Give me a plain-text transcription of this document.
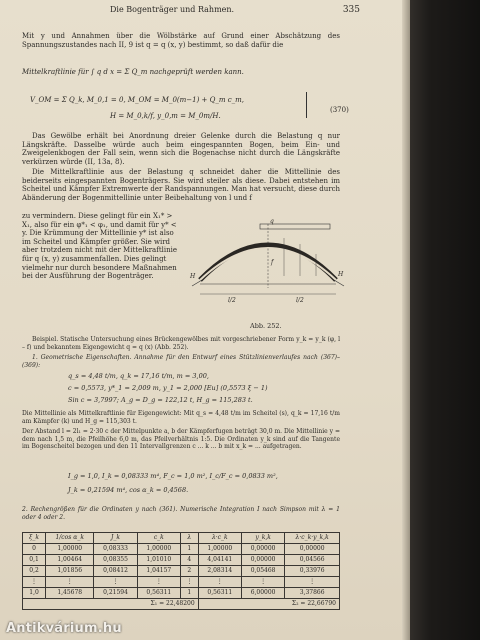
Die Bogenträger und Rahmen.	335
Mit y und Annahmen über die Wölbstärke auf Grund einer Abschätzung des Spannungszustandes nach II, 9 ist q = q (x, y) bestimmt, so daß dafür die
Mittelkraftlinie für ∫ q d x = Σ Q_m nachgeprüft werden kann.
V_OM = Σ Q_k, M_0,1 = 0, M_OM = M_0(m−1) + Q_m c_m,
H = M_0,k/f, y_0,m = M_0m/H.
(370)
Das Gewölbe erhält bei Anordnung dreier Gelenke durch die Belastung q nur Längskräfte. Dasselbe würde auch beim eingespannten Bogen, beim Ein- und Zweigelenkbogen der Fall sein, wenn sich die Bogenachse nicht durch die Längskräfte verkürzen würde (II, 13a, 8).
Die Mittelkraftlinie aus der Belastung q schneidet daher die Mittellinie des beiderseits eingespannten Bogenträgers. Sie wird steiler als diese. Dabei entstehen im Scheitel und Kämpfer Extremwerte der Randspannungen. Man hat versucht, diese durch Abänderung der Bogenmittellinie unter Beibehaltung von l und f
zu vermindern. Diese gelingt für ein X₁* > X₁, also für ein φ*₁ < φ₁, und damit für y* < y. Die Krümmung der Mittellinie y* ist also im Scheitel und Kämpfer größer. Sie wird aber trotzdem nicht mit der Mittelkraftlinie für q (x, y) zusammenfallen. Dies gelingt vielmehr nur durch besondere Maßnahmen bei der Ausführung der Bogenträger.
q
H	H
l/2	l/2
f
Abb. 252.
Beispiel. Statische Untersuchung eines Brückengewölbes mit vorgeschriebener Form y_k = y_k (φ, l – f) und bekanntem Eigengewicht q = q (x) (Abb. 252).
1. Geometrische Eigenschaften. Annahme für den Entwurf eines Stützlinienverlaufes nach (367)–(369):
q_s = 4,48 t/m, q_k = 17,16 t/m, m = 3,00,
c = 0,5573, y*_1 = 2,009 m, y_1 = 2,000 [Eu] (0,5573 ξ − 1)
Sin c = 3,7997; A_g = D_g = 122,12 t, H_g = 115,283 t.
Die Mittellinie als Mittelkraftlinie für Eigengewicht: Mit q_s = 4,48 t/m im Scheitel (s), q_k = 17,16 t/m am Kämpfer (k) und H_g = 115,303 t.
Der Abstand l = 2l₁ = 2·30 c der Mittelpunkte a, b der Kämpferfugen beträgt 30,0 m. Die Mittellinie y = dem nach 1,5 m, die Pfeilhöhe 6,0 m, das Pfeilverhältnis 1:5. Die Ordinaten y_k sind auf die Tangente im Bogenscheitel bezogen und den 11 Intervallgrenzen c ... k ... b mit x_k = ... aufgetragen.
I_g = 1,0, I_k = 0,08333 m⁴, F_c = 1,0 m², I_c/F_c = 0,0833 m²,
J_k = 0,21594 m⁴, cos α_k = 0,4568.
2. Rechengrößen für die Ordinaten y nach (361). Numerische Integration I nach Simpson mit λ = 1 oder 4 oder 2.
ξ_k	1/cos α_k	J_k	c_k	λ	λ·c_k	y_k,k	λ·c_k·y_k,k
0	1,00000	0,08333	1,00000	1	1,00000	0,00000	0,00000
0,1	1,00464	0,08355	1,01010	4	4,04141	0,00000	0,04566
0,2	1,01856	0,08412	1,04157	2	2,08314	0,05468	0,33976
⋮	⋮	⋮	⋮	⋮	⋮	⋮	⋮
1,0	1,45678	0,21594	0,56311	1	0,56311	6,00000	3,37866
Σ₁ = 22,48200					Σ₂ = 22,66790		
Antikvárium.hu
